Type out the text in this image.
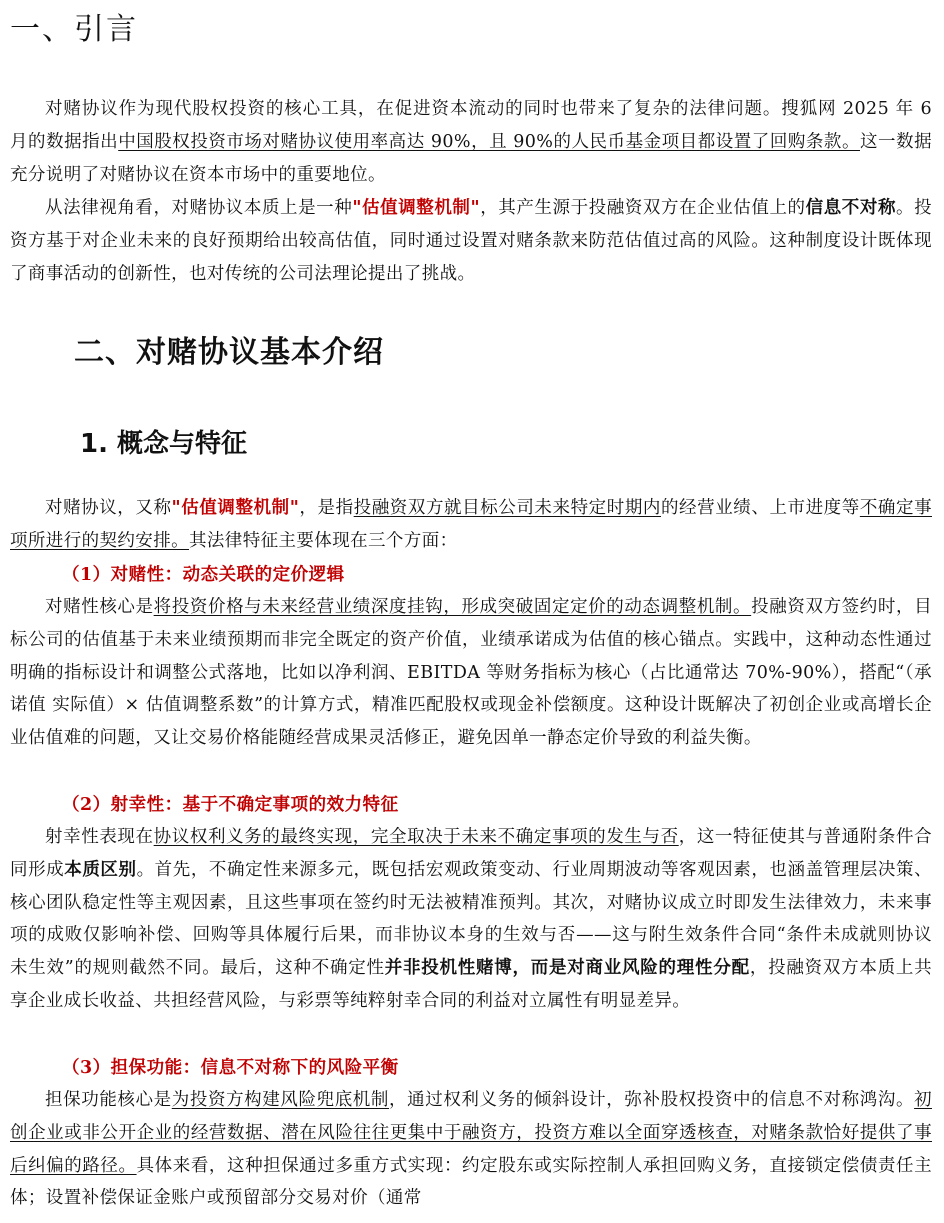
一、引言

对赌协议作为现代股权投资的核心工具，在促进资本流动的同时也带来了复杂的法律问题。搜狐网 2025 年 6 月的数据指出中国股权投资市场对赌协议使用率高达 90%，且 90%的人民币基金项目都设置了回购条款。这一数据充分说明了对赌协议在资本市场中的重要地位。

从法律视角看，对赌协议本质上是一种"估值调整机制"，其产生源于投融资双方在企业估值上的信息不对称。投资方基于对企业未来的良好预期给出较高估值，同时通过设置对赌条款来防范估值过高的风险。这种制度设计既体现了商事活动的创新性，也对传统的公司法理论提出了挑战。

二、对赌协议基本介绍
1. 概念与特征

对赌协议，又称"估值调整机制"，是指投融资双方就目标公司未来特定时期内的经营业绩、上市进度等不确定事项所进行的契约安排。其法律特征主要体现在三个方面：

（1）对赌性：动态关联的定价逻辑

对赌性核心是将投资价格与未来经营业绩深度挂钩，形成突破固定定价的动态调整机制。投融资双方签约时，目标公司的估值基于未来业绩预期而非完全既定的资产价值，业绩承诺成为估值的核心锚点。实践中，这种动态性通过明确的指标设计和调整公式落地，比如以净利润、EBITDA 等财务指标为核心（占比通常达 70%-90%），搭配“（承诺值 实际值）× 估值调整系数”的计算方式，精准匹配股权或现金补偿额度。这种设计既解决了初创企业或高增长企业估值难的问题，又让交易价格能随经营成果灵活修正，避免因单一静态定价导致的利益失衡。

（2）射幸性：基于不确定事项的效力特征

射幸性表现在协议权利义务的最终实现，完全取决于未来不确定事项的发生与否，这一特征使其与普通附条件合同形成本质区别。首先，不确定性来源多元，既包括宏观政策变动、行业周期波动等客观因素，也涵盖管理层决策、核心团队稳定性等主观因素，且这些事项在签约时无法被精准预判。其次，对赌协议成立时即发生法律效力，未来事项的成败仅影响补偿、回购等具体履行后果，而非协议本身的生效与否——这与附生效条件合同“条件未成就则协议未生效”的规则截然不同。最后，这种不确定性并非投机性赌博，而是对商业风险的理性分配，投融资双方本质上共享企业成长收益、共担经营风险，与彩票等纯粹射幸合同的利益对立属性有明显差异。

（3）担保功能：信息不对称下的风险平衡

担保功能核心是为投资方构建风险兜底机制，通过权利义务的倾斜设计，弥补股权投资中的信息不对称鸿沟。初创企业或非公开企业的经营数据、潜在风险往往更集中于融资方，投资方难以全面穿透核查，对赌条款恰好提供了事后纠偏的路径。具体来看，这种担保通过多重方式实现：约定股东或实际控制人承担回购义务，直接锁定偿债责任主体；设置补偿保证金账户或预留部分交易对价（通常
